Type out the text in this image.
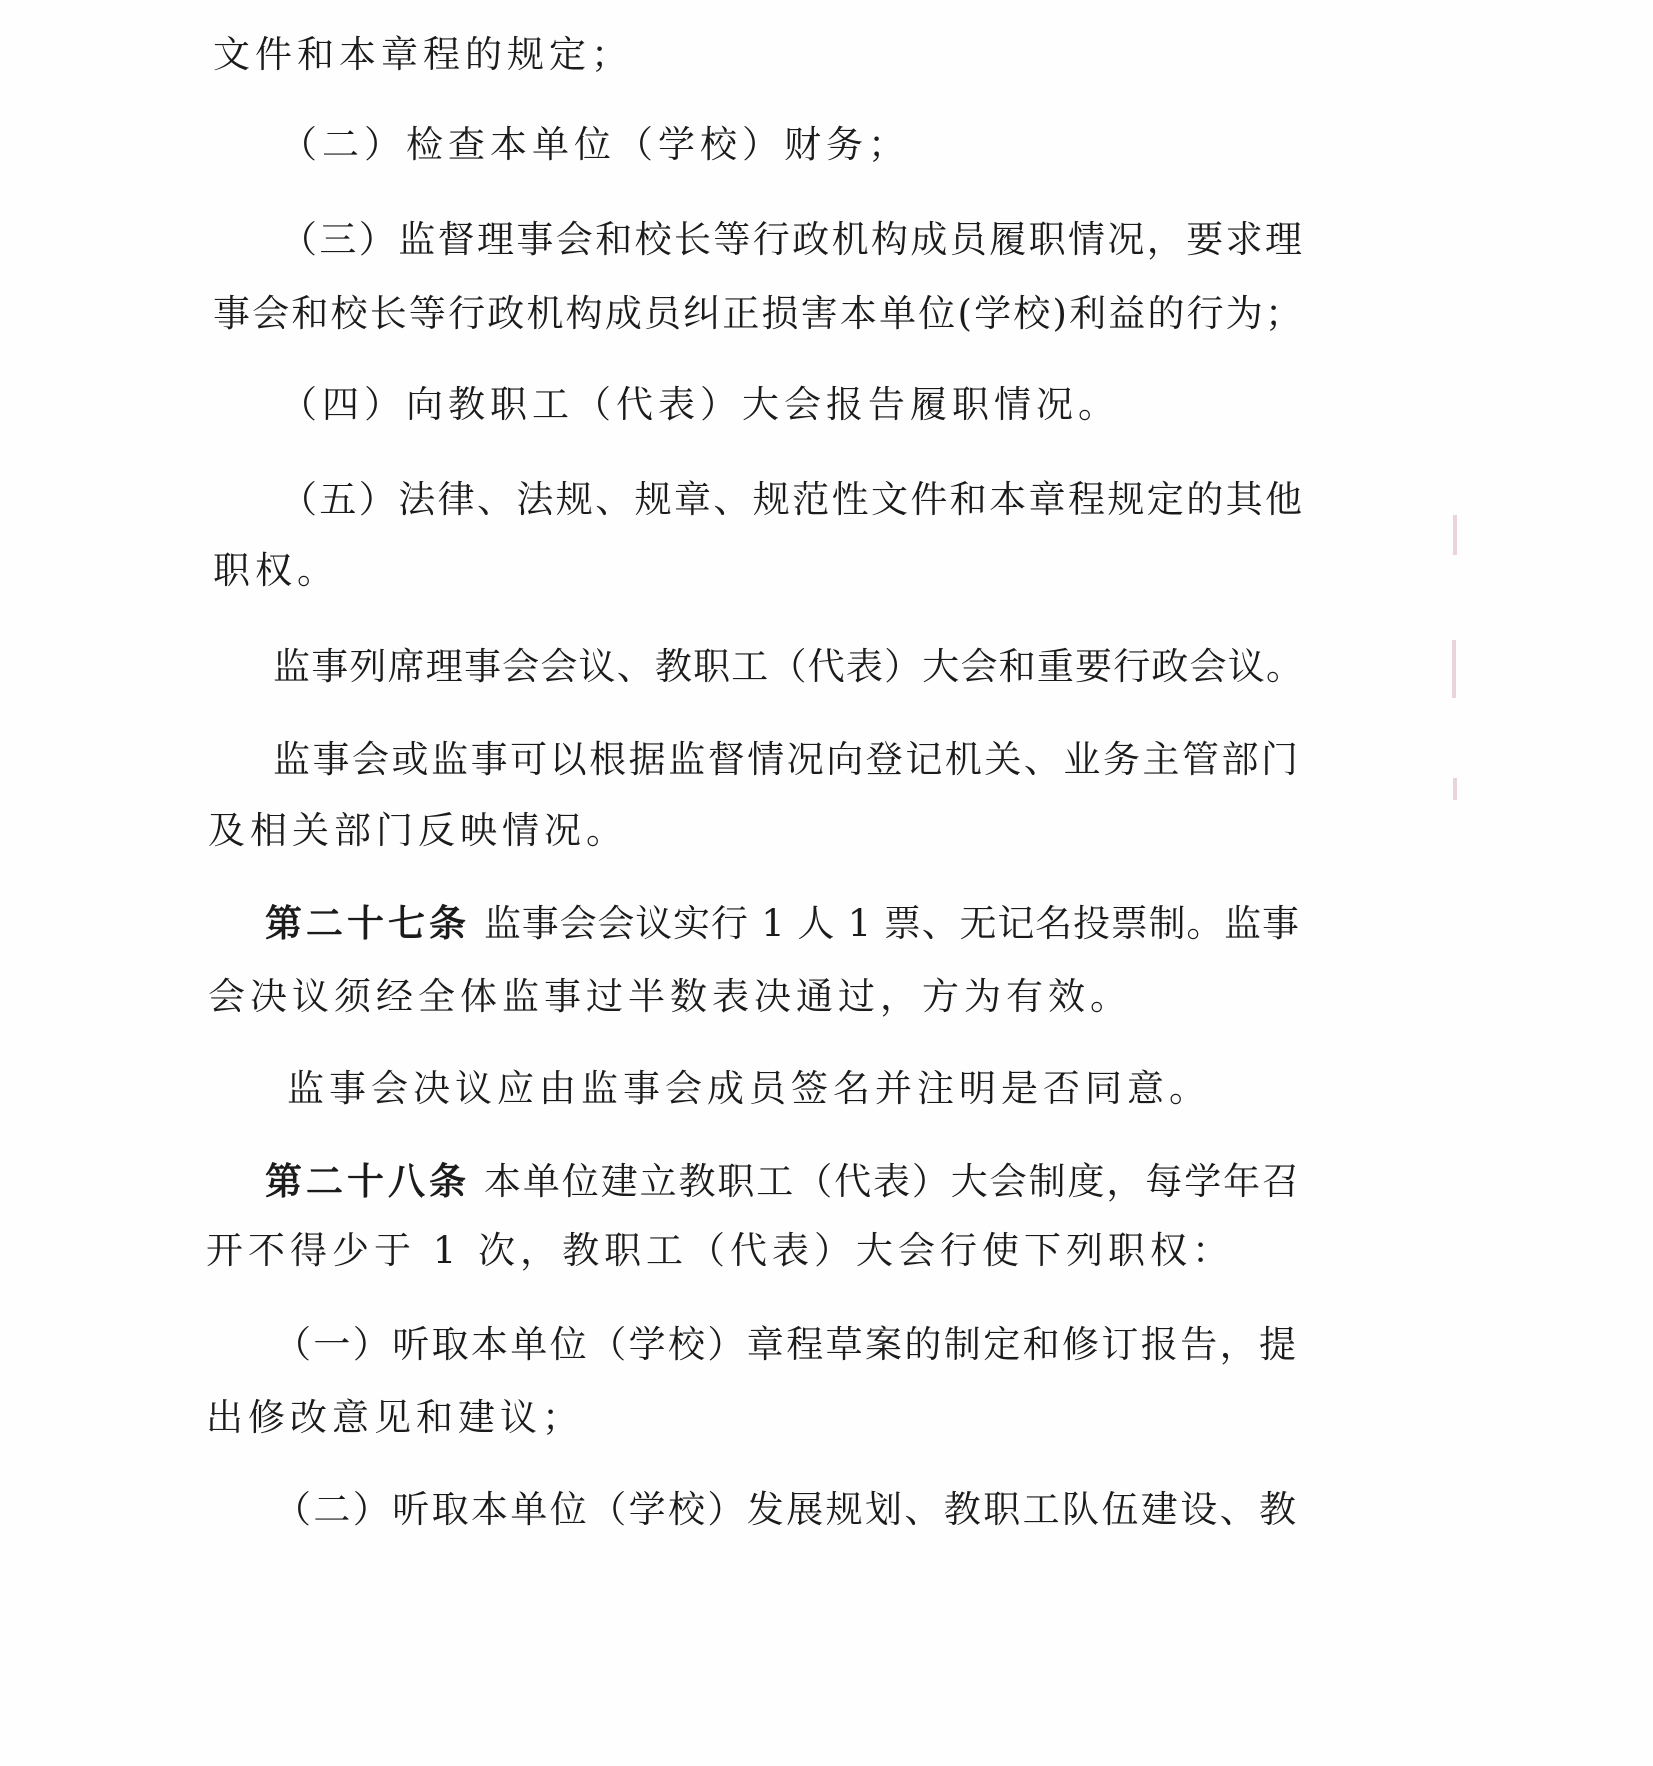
文件和本章程的规定；
（二）检查本单位（学校）财务；
（三）监督理事会和校长等行政机构成员履职情况，要求理
事会和校长等行政机构成员纠正损害本单位(学校)利益的行为；
（四）向教职工（代表）大会报告履职情况。
（五）法律、法规、规章、规范性文件和本章程规定的其他
职权。
监事列席理事会会议、教职工（代表）大会和重要行政会议。
监事会或监事可以根据监督情况向登记机关、业务主管部门
及相关部门反映情况。
第二十七条 监事会会议实行 1 人 1 票、无记名投票制。监事
会决议须经全体监事过半数表决通过，方为有效。
监事会决议应由监事会成员签名并注明是否同意。
第二十八条 本单位建立教职工（代表）大会制度，每学年召
开不得少于 1 次，教职工（代表）大会行使下列职权：
（一）听取本单位（学校）章程草案的制定和修订报告，提
出修改意见和建议；
（二）听取本单位（学校）发展规划、教职工队伍建设、教
